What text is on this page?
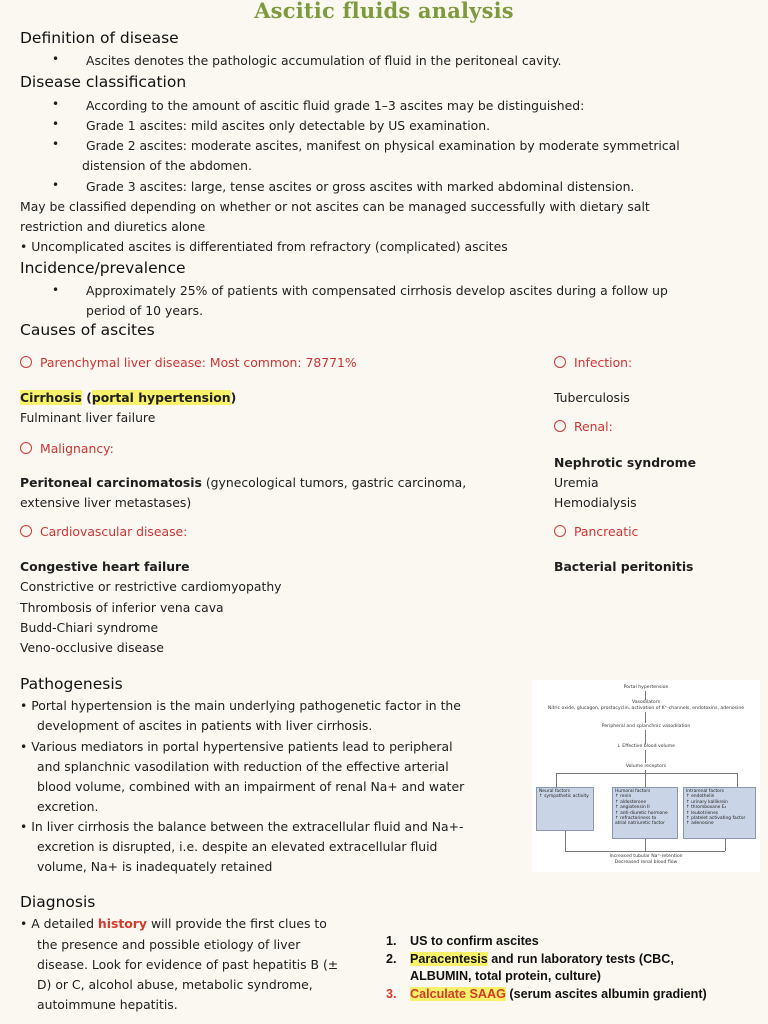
Ascitic fluids analysis
Definition of disease
• Ascites denotes the pathologic accumulation of fluid in the peritoneal cavity.
Disease classification
• According to the amount of ascitic fluid grade 1–3 ascites may be distinguished:
• Grade 1 ascites: mild ascites only detectable by US examination.
• Grade 2 ascites: moderate ascites, manifest on physical examination by moderate symmetrical
distension of the abdomen.
• Grade 3 ascites: large, tense ascites or gross ascites with marked abdominal distension.
May be classified depending on whether or not ascites can be managed successfully with dietary salt
restriction and diuretics alone
• Uncomplicated ascites is differentiated from refractory (complicated) ascites
Incidence/prevalence
• Approximately 25% of patients with compensated cirrhosis develop ascites during a follow up
period of 10 years.
Causes of ascites
Parenchymal liver disease: Most common: 78771%
Cirrhosis (portal hypertension)
Fulminant liver failure
Malignancy:
Peritoneal carcinomatosis (gynecological tumors, gastric carcinoma,
extensive liver metastases)
Cardiovascular disease:
Congestive heart failure
Constrictive or restrictive cardiomyopathy
Thrombosis of inferior vena cava
Budd-Chiari syndrome
Veno-occlusive disease
Infection:
Tuberculosis
Renal:
Nephrotic syndrome
Uremia
Hemodialysis
Pancreatic
Bacterial peritonitis
Pathogenesis
• Portal hypertension is the main underlying pathogenetic factor in the
development of ascites in patients with liver cirrhosis.
• Various mediators in portal hypertensive patients lead to peripheral
and splanchnic vasodilation with reduction of the effective arterial
blood volume, combined with an impairment of renal Na+ and water
excretion.
• In liver cirrhosis the balance between the extracellular fluid and Na+-
excretion is disrupted, i.e. despite an elevated extracellular fluid
volume, Na+ is inadequately retained
Portal hypertension
Vasodilators
Nitric oxide, glucagon, prostacyclin, activation of K⁺-channels, endotoxins, adenosine
Peripheral and splanchnic vasodilation
↓ Effective blood volume
Volume receptors
Neural factors
↑ sympathetic activity
Humoral factors
↑ renin
↑ aldosterone
↑ angiotensin II
↑ anti-diuretic hormone
↑ refractoriness to
atrial natriuretic factor
Intrarenal factors
↑ endothelin
↑ urinary kallikrein
↑ thromboxane E₂
↑ leukotrienes
↑ platelet activating factor
↑ adenosine
Increased tubular Na⁺-retention
Decreased renal blood flow
Diagnosis
• A detailed history will provide the first clues to
the presence and possible etiology of liver
disease. Look for evidence of past hepatitis B (±
D) or C, alcohol abuse, metabolic syndrome,
autoimmune hepatitis.
1. US to confirm ascites
2. Paracentesis and run laboratory tests (CBC,
ALBUMIN, total protein, culture)
3. Calculate SAAG (serum ascites albumin gradient)
